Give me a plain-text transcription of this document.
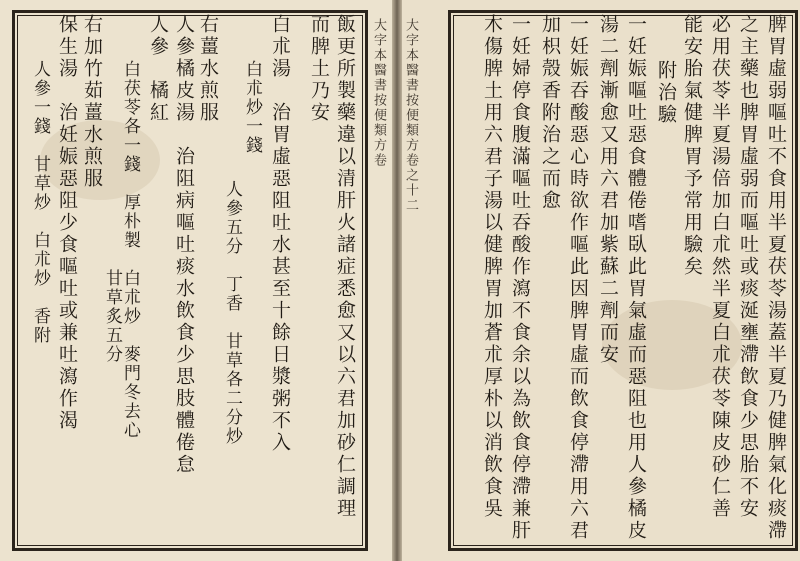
大字本醫書按便類方卷
飯更所製藥違以清肝火諸症悉愈又以六君加砂仁調理
而脾土乃安
白朮湯　治胃虛惡阻吐水甚至十餘日漿粥不入
白朮炒一錢
人參五分　丁香　甘草各二分炒
右薑水煎服
人參橘皮湯　治阻病嘔吐痰水飲食少思肢體倦怠
人參　橘紅
白茯苓各一錢　厚朴製　白朮炒　麥門冬去心
　甘草炙五分
右加竹茹薑水煎服
保生湯　治妊娠惡阻少食嘔吐或兼吐瀉作渴
人參一錢　甘草炒　白朮炒　香附	大字本醫書按便類方卷之十二	脾胃虛弱嘔吐不食用半夏茯苓湯蓋半夏乃健脾氣化痰滯
之主藥也脾胃虛弱而嘔吐或痰涎壅滯飲食少思胎不安
必用茯苓半夏湯倍加白朮然半夏白朮茯苓陳皮砂仁善
能安胎氣健脾胃予常用驗矣
附治驗
一妊娠嘔吐惡食體倦嗜臥此胃氣虛而惡阻也用人參橘皮
湯二劑漸愈又用六君加紫蘇二劑而安
一妊娠吞酸惡心時欲作嘔此因脾胃虛而飲食停滯用六君
加枳殼香附治之而愈
一妊婦停食腹滿嘔吐吞酸作瀉不食余以為飲食停滯兼肝
木傷脾土用六君子湯以健脾胃加蒼朮厚朴以消飲食吳
